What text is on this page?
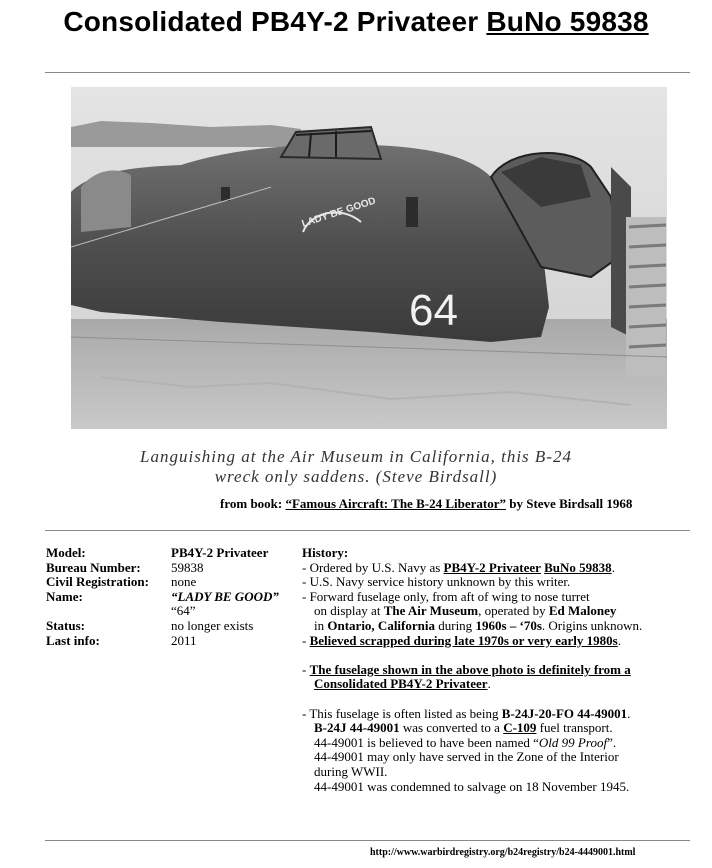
Consolidated PB4Y-2 Privateer BuNo 59838
LADY BE GOOD
64
Languishing at the Air Museum in California, this B-24
wreck only saddens. (Steve Birdsall)
from book: “Famous Aircraft: The B-24 Liberator” by Steve Birdsall 1968
Model:
Bureau Number:
Civil Registration:
Name:

Status:
Last info:
PB4Y-2 Privateer
59838
none
“LADY BE GOOD”
“64”
no longer exists
2011

History:

- Ordered by U.S. Navy as PB4Y-2 Privateer BuNo 59838.

- U.S. Navy service history unknown by this writer.

- Forward fuselage only, from aft of wing to nose turret

on display at The Air Museum, operated by Ed Maloney

in Ontario, California during 1960s – ‘70s. Origins unknown.

- Believed scrapped during late 1970s or very early 1980s.

- The fuselage shown in the above photo is definitely from a

Consolidated PB4Y-2 Privateer.

- This fuselage is often listed as being B-24J-20-FO 44-49001.

B-24J 44-49001 was converted to a C-109 fuel transport.

44-49001 is believed to have been named “Old 99 Proof”.

44-49001 may only have served in the Zone of the Interior

during WWII.

44-49001 was condemned to salvage on 18 November 1945.

http://www.warbirdregistry.org/b24registry/b24-4449001.html
